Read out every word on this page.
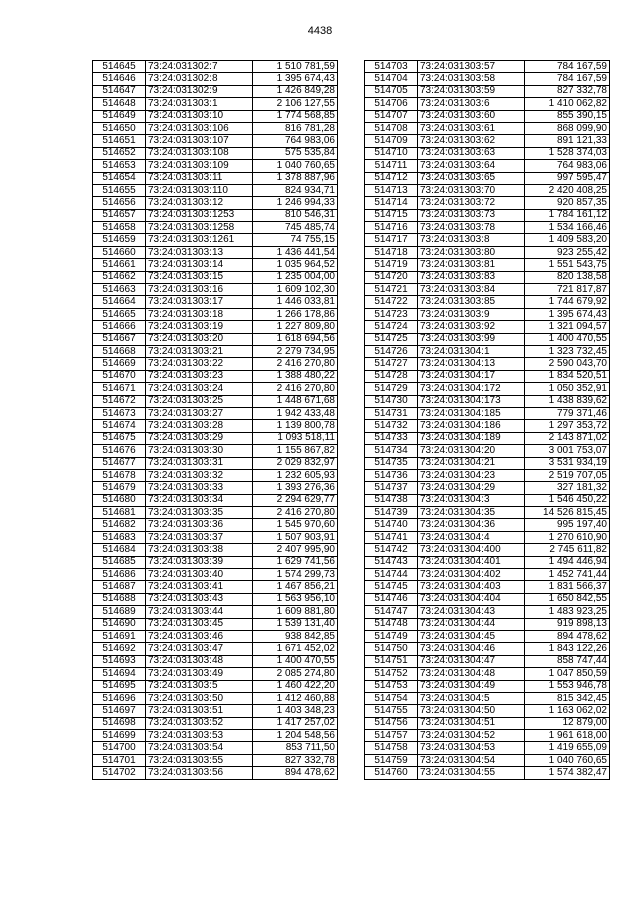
4438
514645	73:24:031302:7	1 510 781,59
514646	73:24:031302:8	1 395 674,43
514647	73:24:031302:9	1 426 849,28
514648	73:24:031303:1	2 106 127,55
514649	73:24:031303:10	1 774 568,85
514650	73:24:031303:106	816 781,28
514651	73:24:031303:107	764 983,06
514652	73:24:031303:108	575 535,84
514653	73:24:031303:109	1 040 760,65
514654	73:24:031303:11	1 378 887,96
514655	73:24:031303:110	824 934,71
514656	73:24:031303:12	1 246 994,33
514657	73:24:031303:1253	810 546,31
514658	73:24:031303:1258	745 485,74
514659	73:24:031303:1261	74 755,15
514660	73:24:031303:13	1 436 441,54
514661	73:24:031303:14	1 035 964,52
514662	73:24:031303:15	1 235 004,00
514663	73:24:031303:16	1 609 102,30
514664	73:24:031303:17	1 446 033,81
514665	73:24:031303:18	1 266 178,86
514666	73:24:031303:19	1 227 809,80
514667	73:24:031303:20	1 618 694,56
514668	73:24:031303:21	2 279 734,95
514669	73:24:031303:22	2 416 270,80
514670	73:24:031303:23	1 388 480,22
514671	73:24:031303:24	2 416 270,80
514672	73:24:031303:25	1 448 671,68
514673	73:24:031303:27	1 942 433,48
514674	73:24:031303:28	1 139 800,78
514675	73:24:031303:29	1 093 518,11
514676	73:24:031303:30	1 155 867,82
514677	73:24:031303:31	2 029 832,97
514678	73:24:031303:32	1 232 605,93
514679	73:24:031303:33	1 393 276,36
514680	73:24:031303:34	2 294 629,77
514681	73:24:031303:35	2 416 270,80
514682	73:24:031303:36	1 545 970,60
514683	73:24:031303:37	1 507 903,91
514684	73:24:031303:38	2 407 995,90
514685	73:24:031303:39	1 629 741,56
514686	73:24:031303:40	1 574 299,73
514687	73:24:031303:41	1 467 856,21
514688	73:24:031303:43	1 563 956,10
514689	73:24:031303:44	1 609 881,80
514690	73:24:031303:45	1 539 131,40
514691	73:24:031303:46	938 842,85
514692	73:24:031303:47	1 671 452,02
514693	73:24:031303:48	1 400 470,55
514694	73:24:031303:49	2 085 274,80
514695	73:24:031303:5	1 460 422,20
514696	73:24:031303:50	1 412 460,88
514697	73:24:031303:51	1 403 348,23
514698	73:24:031303:52	1 417 257,02
514699	73:24:031303:53	1 204 548,56
514700	73:24:031303:54	853 711,50
514701	73:24:031303:55	827 332,78
514702	73:24:031303:56	894 478,62
514703	73:24:031303:57	784 167,59
514704	73:24:031303:58	784 167,59
514705	73:24:031303:59	827 332,78
514706	73:24:031303:6	1 410 062,82
514707	73:24:031303:60	855 390,15
514708	73:24:031303:61	868 099,90
514709	73:24:031303:62	891 121,33
514710	73:24:031303:63	1 528 374,03
514711	73:24:031303:64	764 983,06
514712	73:24:031303:65	997 595,47
514713	73:24:031303:70	2 420 408,25
514714	73:24:031303:72	920 857,35
514715	73:24:031303:73	1 784 161,12
514716	73:24:031303:78	1 534 166,46
514717	73:24:031303:8	1 409 583,20
514718	73:24:031303:80	923 255,42
514719	73:24:031303:81	1 551 543,75
514720	73:24:031303:83	820 138,58
514721	73:24:031303:84	721 817,87
514722	73:24:031303:85	1 744 679,92
514723	73:24:031303:9	1 395 674,43
514724	73:24:031303:92	1 321 094,57
514725	73:24:031303:99	1 400 470,55
514726	73:24:031304:1	1 323 732,45
514727	73:24:031304:13	2 590 043,70
514728	73:24:031304:17	1 834 520,51
514729	73:24:031304:172	1 050 352,91
514730	73:24:031304:173	1 438 839,62
514731	73:24:031304:185	779 371,46
514732	73:24:031304:186	1 297 353,72
514733	73:24:031304:189	2 143 871,02
514734	73:24:031304:20	3 001 753,07
514735	73:24:031304:21	3 531 934,19
514736	73:24:031304:23	2 519 707,05
514737	73:24:031304:29	327 181,32
514738	73:24:031304:3	1 546 450,22
514739	73:24:031304:35	14 526 815,45
514740	73:24:031304:36	995 197,40
514741	73:24:031304:4	1 270 610,90
514742	73:24:031304:400	2 745 611,82
514743	73:24:031304:401	1 494 446,94
514744	73:24:031304:402	1 452 741,44
514745	73:24:031304:403	1 831 566,37
514746	73:24:031304:404	1 650 842,55
514747	73:24:031304:43	1 483 923,25
514748	73:24:031304:44	919 898,13
514749	73:24:031304:45	894 478,62
514750	73:24:031304:46	1 843 122,26
514751	73:24:031304:47	858 747,44
514752	73:24:031304:48	1 047 850,59
514753	73:24:031304:49	1 553 946,78
514754	73:24:031304:5	815 342,45
514755	73:24:031304:50	1 163 062,02
514756	73:24:031304:51	12 879,00
514757	73:24:031304:52	1 961 618,00
514758	73:24:031304:53	1 419 655,09
514759	73:24:031304:54	1 040 760,65
514760	73:24:031304:55	1 574 382,47
